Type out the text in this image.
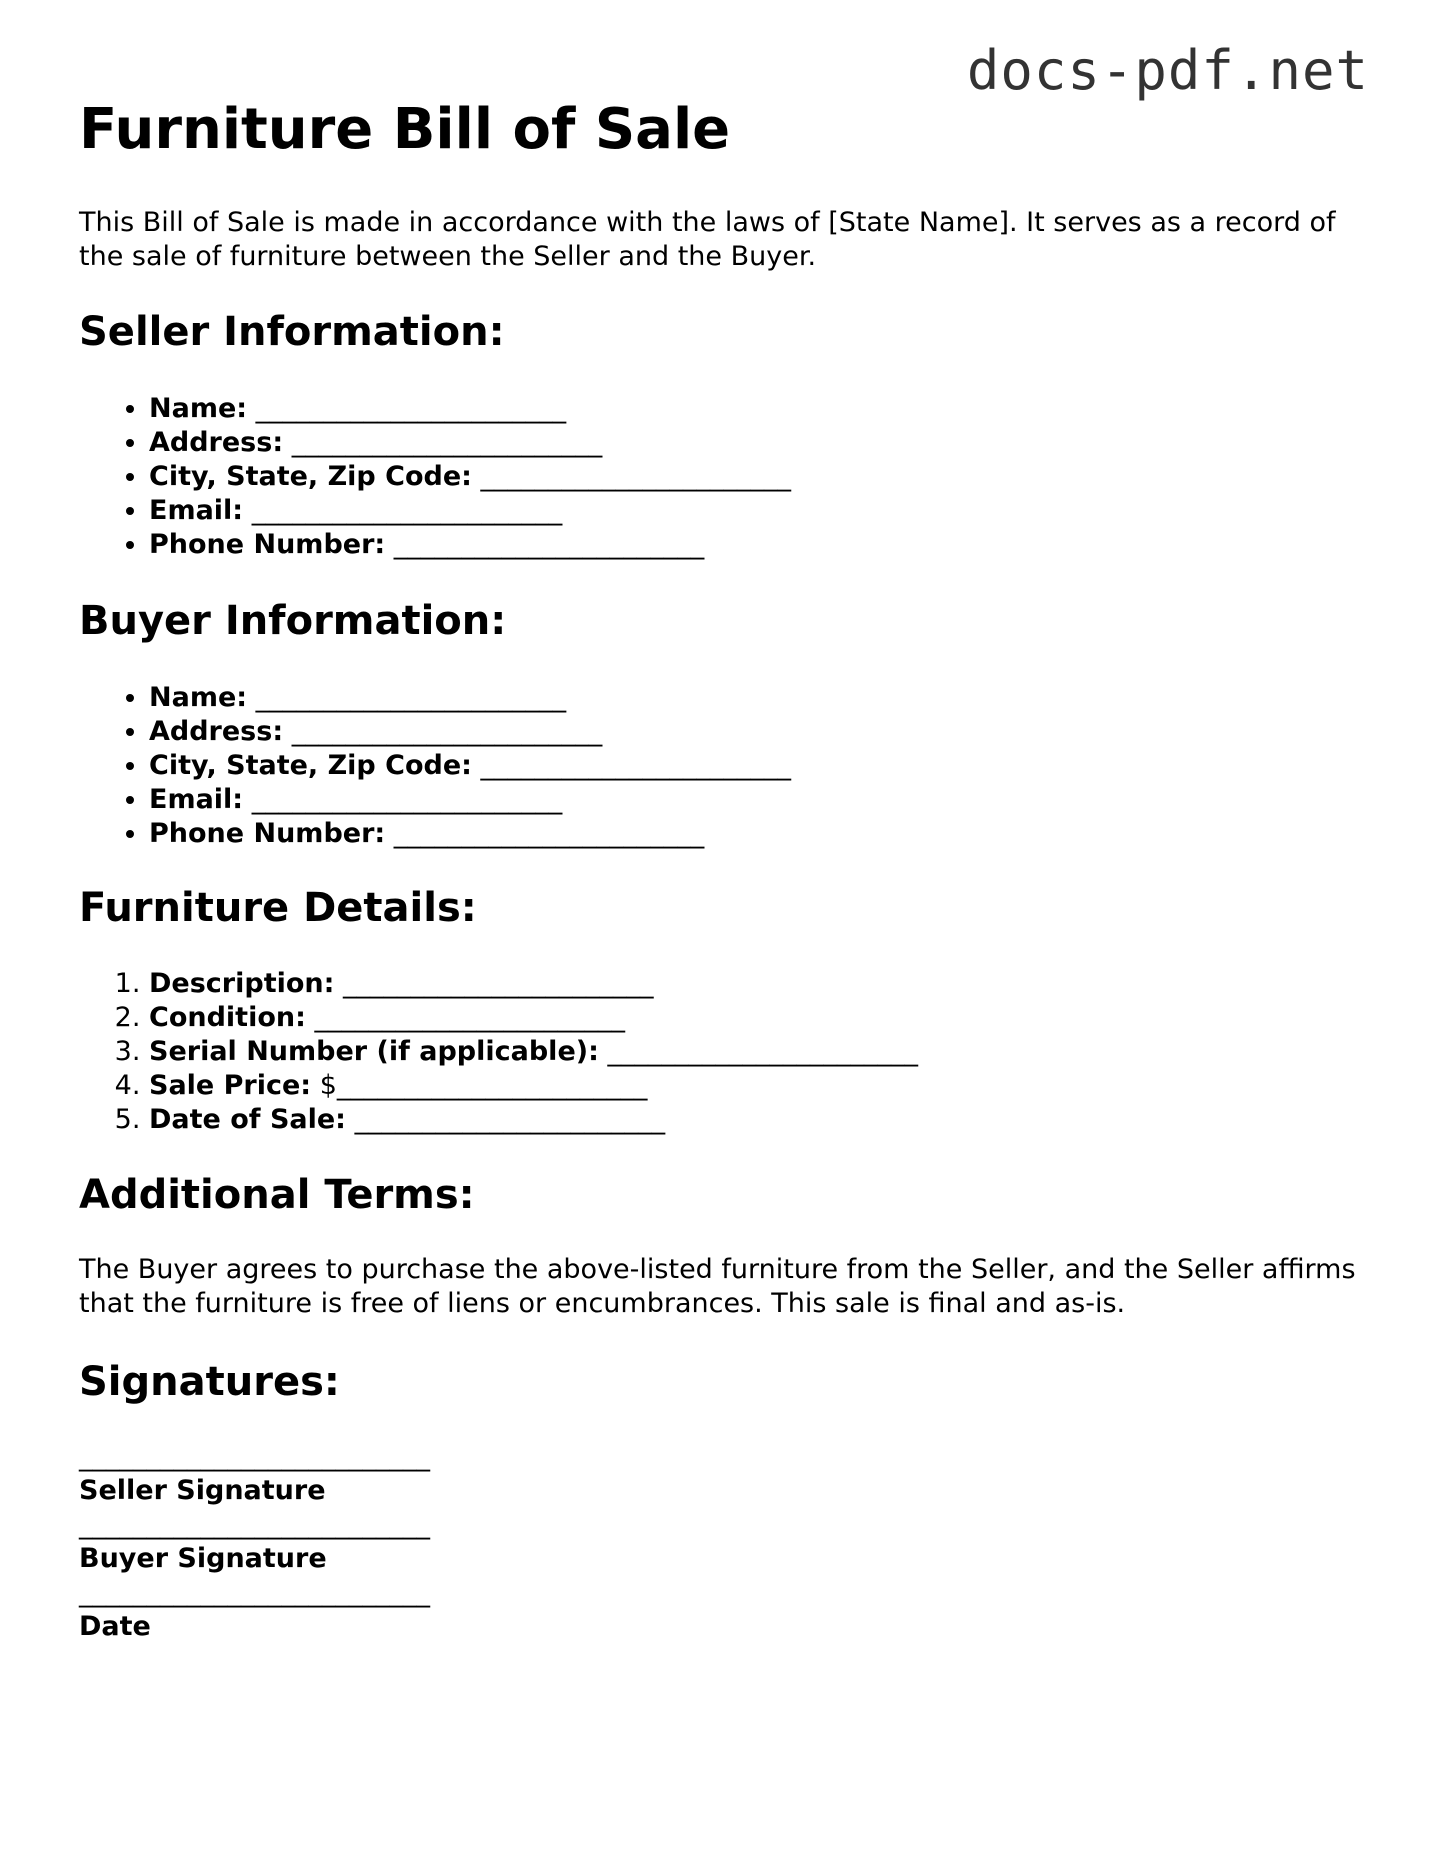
docs-pdf.net
Furniture Bill of Sale

This Bill of Sale is made in accordance with the laws of [State Name]. It serves as a record of the sale of furniture between the Seller and the Buyer.

Seller Information:
• Name: _______________________
• Address: _______________________
• City, State, Zip Code: _______________________
• Email: _______________________
• Phone Number: _______________________
Buyer Information:
• Name: _______________________
• Address: _______________________
• City, State, Zip Code: _______________________
• Email: _______________________
• Phone Number: _______________________
Furniture Details:
1. Description: _______________________
2. Condition: _______________________
3. Serial Number (if applicable): _______________________
4. Sale Price: $_______________________
5. Date of Sale: _______________________
Additional Terms:

The Buyer agrees to purchase the above-listed furniture from the Seller, and the Seller affirms that the furniture is free of liens or encumbrances. This sale is final and as-is.

Signatures:
__________________________
Seller Signature
__________________________
Buyer Signature
__________________________
Date
